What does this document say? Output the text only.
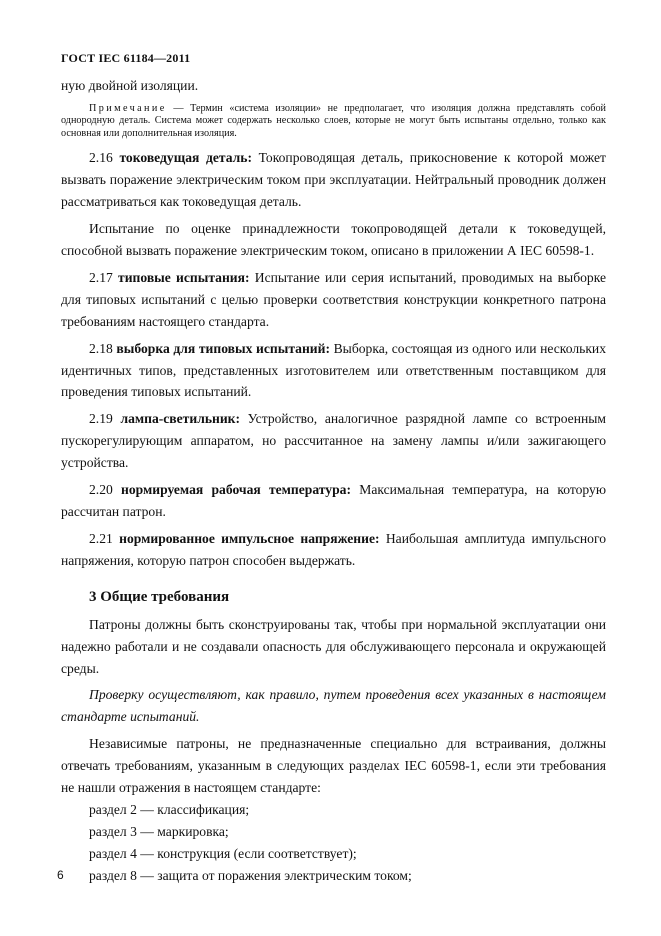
ГОСТ IEC 61184—2011

ную двойной изоляции.

Примечание — Термин «система изоляции» не предполагает, что изоляция должна представлять собой однородную деталь. Система может содержать несколько слоев, которые не могут быть испытаны отдельно, только как основная или дополнительная изоляция.

2.16 токоведущая деталь: Токопроводящая деталь, прикосновение к которой может вызвать поражение электрическим током при эксплуатации. Нейтральный проводник должен рассматриваться как токоведущая деталь.

Испытание по оценке принадлежности токопроводящей детали к токоведущей, способной вызвать поражение электрическим током, описано в приложении А IEC 60598-1.

2.17 типовые испытания: Испытание или серия испытаний, проводимых на выборке для типовых испытаний с целью проверки соответствия конструкции конкретного патрона требованиям настоящего стандарта.

2.18 выборка для типовых испытаний: Выборка, состоящая из одного или нескольких идентичных типов, представленных изготовителем или ответственным поставщиком для проведения типовых испытаний.

2.19 лампа-светильник: Устройство, аналогичное разрядной лампе со встроенным пускорегулирующим аппаратом, но рассчитанное на замену лампы и/или зажигающего устройства.

2.20 нормируемая рабочая температура: Максимальная температура, на которую рассчитан патрон.

2.21 нормированное импульсное напряжение: Наибольшая амплитуда импульсного напряжения, которую патрон способен выдержать.

3 Общие требования

Патроны должны быть сконструированы так, чтобы при нормальной эксплуатации они надежно работали и не создавали опасность для обслуживающего персонала и окружающей среды.

Проверку осуществляют, как правило, путем проведения всех указанных в настоящем стандарте испытаний.

Независимые патроны, не предназначенные специально для встраивания, должны отвечать требованиям, указанным в следующих разделах IEC 60598-1, если эти требования не нашли отражения в настоящем стандарте:

раздел 2 — классификация;

раздел 3 — маркировка;

раздел 4 — конструкция (если соответствует);

раздел 8 — защита от поражения электрическим током;

6
